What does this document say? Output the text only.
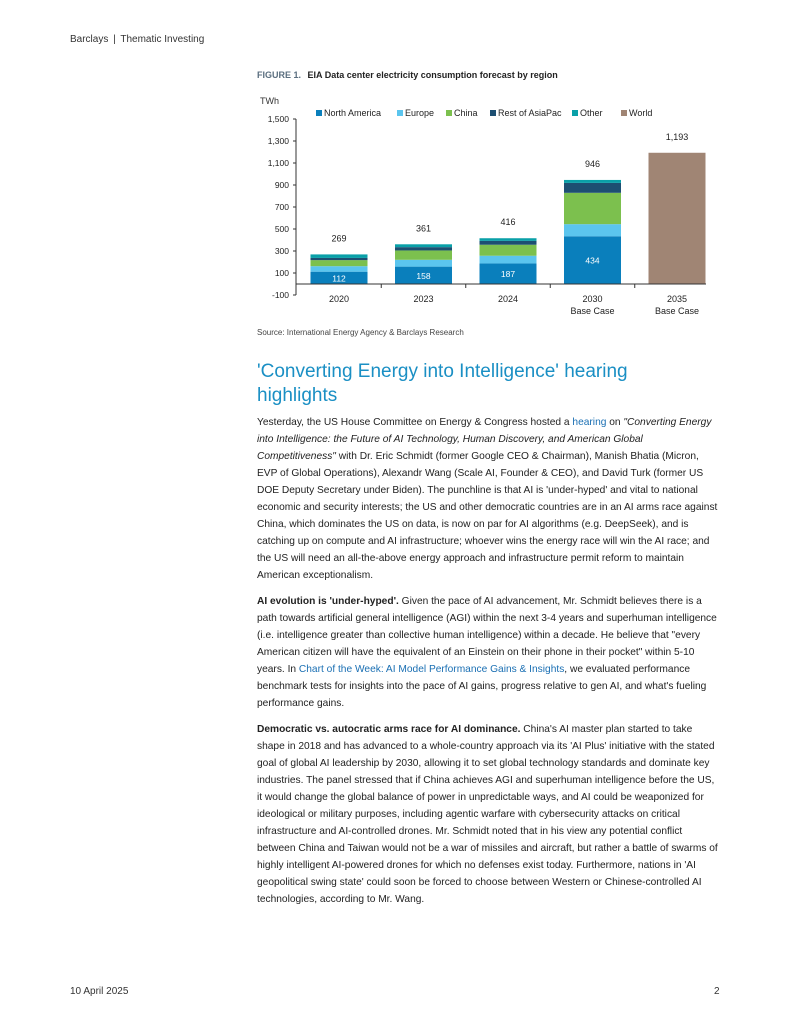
Barclays | Thematic Investing
FIGURE 1. EIA Data center electricity consumption forecast by region
TWh
North America	Europe China Rest of AsiaPac Other	World
-100
100
300
500
700
900
1,100
1,300
1,500
269
112
361
158
416
187
946
434
1,193
2020	2023	2024	2030
Base Case
2035
Base Case
Source: International Energy Agency & Barclays Research
'Converting Energy into Intelligence' hearing highlights

Yesterday, the US House Committee on Energy & Congress hosted a hearing on "Converting Energy into Intelligence: the Future of AI Technology, Human Discovery, and American Global Competitiveness" with Dr. Eric Schmidt (former Google CEO & Chairman), Manish Bhatia (Micron, EVP of Global Operations), Alexandr Wang (Scale AI, Founder & CEO), and David Turk (former US DOE Deputy Secretary under Biden). The punchline is that AI is 'under-hyped' and vital to national economic and security interests; the US and other democratic countries are in an AI arms race against China, which dominates the US on data, is now on par for AI algorithms (e.g. DeepSeek), and is catching up on compute and AI infrastructure; whoever wins the energy race will win the AI race; and the US will need an all-the-above energy approach and infrastructure permit reform to maintain American exceptionalism.

AI evolution is 'under-hyped'. Given the pace of AI advancement, Mr. Schmidt believes there is a path towards artificial general intelligence (AGI) within the next 3-4 years and superhuman intelligence (i.e. intelligence greater than collective human intelligence) within a decade. He believe that "every American citizen will have the equivalent of an Einstein on their phone in their pocket" within 5-10 years. In Chart of the Week: AI Model Performance Gains & Insights, we evaluated performance benchmark tests for insights into the pace of AI gains, progress relative to gen AI, and what's fueling performance gains.

Democratic vs. autocratic arms race for AI dominance. China's AI master plan started to take shape in 2018 and has advanced to a whole-country approach via its 'AI Plus' initiative with the stated goal of global AI leadership by 2030, allowing it to set global technology standards and dominate key industries. The panel stressed that if China achieves AGI and superhuman intelligence before the US, it would change the global balance of power in unpredictable ways, and AI could be weaponized for ideological or military purposes, including agentic warfare with cybersecurity attacks on critical infrastructure and AI-controlled drones. Mr. Schmidt noted that in his view any potential conflict between China and Taiwan would not be a war of missiles and aircraft, but rather a battle of swarms of highly intelligent AI-powered drones for which no defenses exist today. Furthermore, nations in 'AI geopolitical swing state' could soon be forced to choose between Western or Chinese-controlled AI technologies, according to Mr. Wang.

10 April 2025	2
